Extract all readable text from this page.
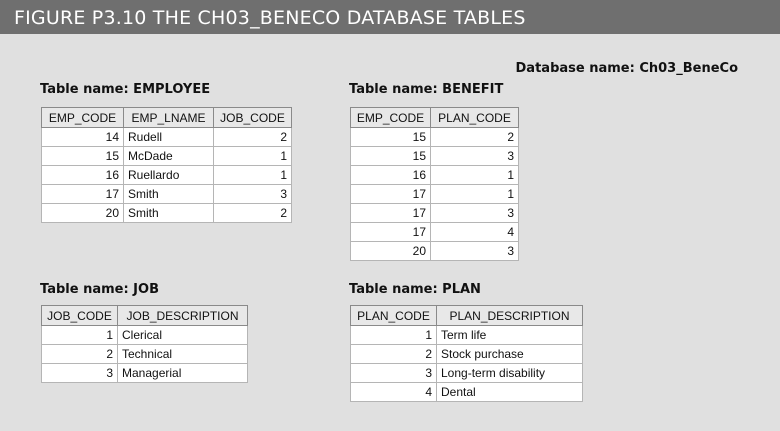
FIGURE P3.10 THE CH03_BENECO DATABASE TABLES
Database name: Ch03_BeneCo
Table name: EMPLOYEE
EMP_CODE	EMP_LNAME	JOB_CODE
14	Rudell	2
15	McDade	1
16	Ruellardo	1
17	Smith	3
20	Smith	2
Table name: BENEFIT
EMP_CODE	PLAN_CODE
15	2
15	3
16	1
17	1
17	3
17	4
20	3
Table name: JOB
JOB_CODE	JOB_DESCRIPTION
1	Clerical
2	Technical
3	Managerial
Table name: PLAN
PLAN_CODE	PLAN_DESCRIPTION
1	Term life
2	Stock purchase
3	Long-term disability
4	Dental
